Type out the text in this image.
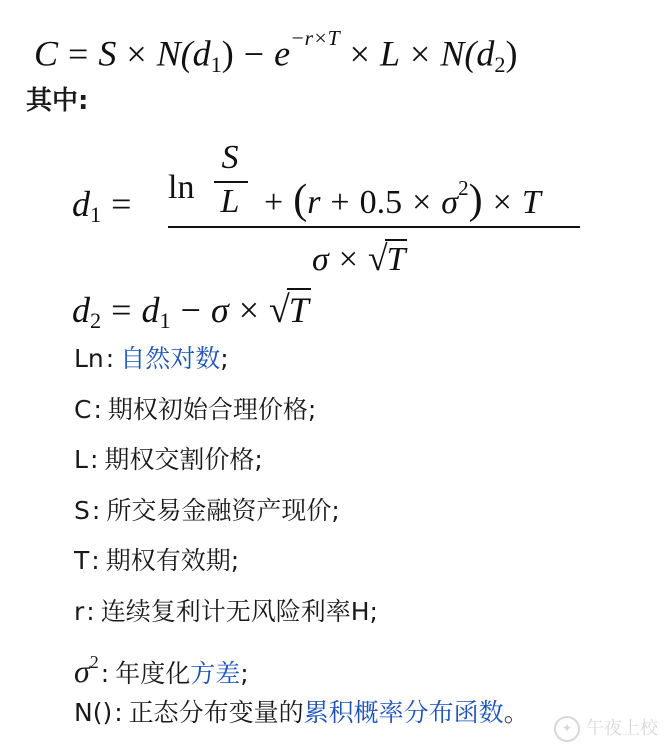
$C = S \times N(d_1) - e^{-r\times T} \times L \times N(d_2)$
其中:
$d_1 = \ln$
S
$L + (r + 0.5 \times \sigma^2) \times T$
σ × √T
$d_2 = d_1 - \sigma \times √T$
Ln: 自然对数;
C: 期权初始合理价格;
L: 期权交割价格;
S: 所交易金融资产现价;
T: 期权有效期;
r: 连续复利计无风险利率H;
$\sigma^2$: 年度化方差;
N(): 正态分布变量的累积概率分布函数。
✦ 午夜上校
